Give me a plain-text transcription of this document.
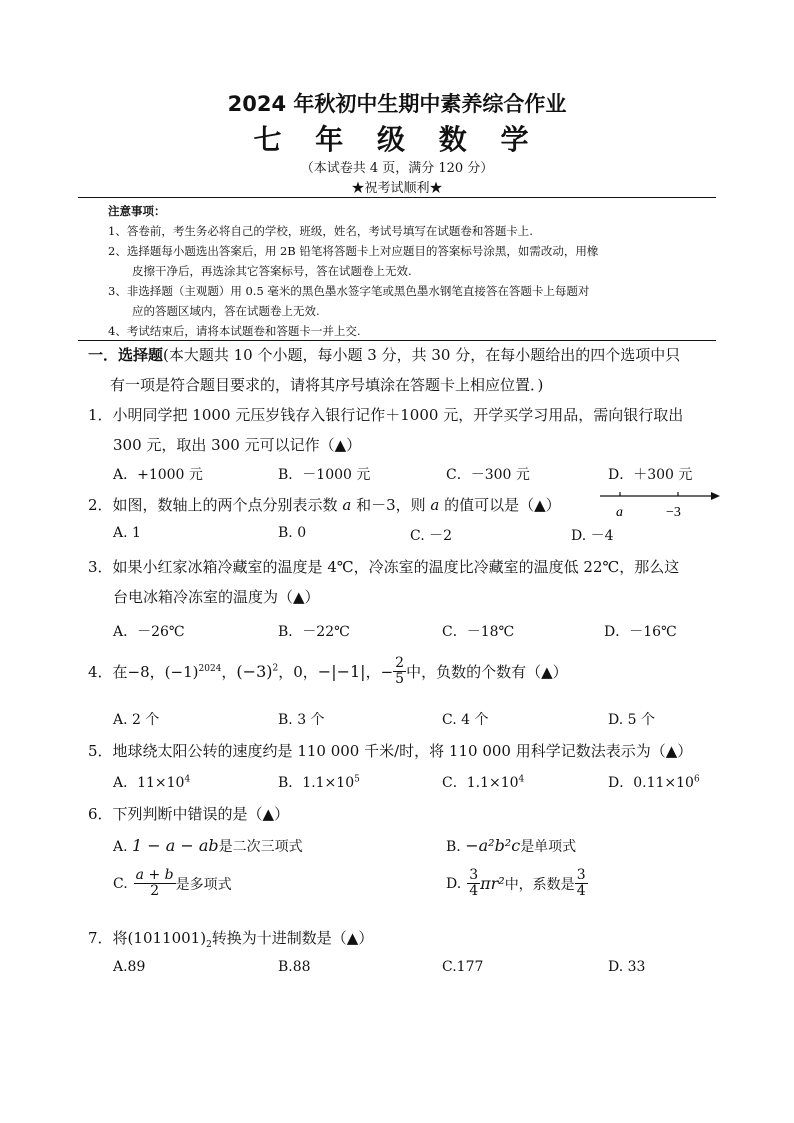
2024 年秋初中生期中素养综合作业
七 年 级 数 学
（本试卷共 4 页，满分 120 分）
★祝考试顺利★
注意事项：
1、答卷前，考生务必将自己的学校，班级，姓名，考试号填写在试题卷和答题卡上.
2、选择题每小题选出答案后，用 2B 铅笔将答题卡上对应题目的答案标号涂黑，如需改动，用橡
皮擦干净后，再选涂其它答案标号，答在试题卷上无效.
3、非选择题（主观题）用 0.5 毫米的黑色墨水签字笔或黑色墨水钢笔直接答在答题卡上每题对
应的答题区域内，答在试题卷上无效.
4、考试结束后，请将本试题卷和答题卡一并上交.
一．选择题(本大题共 10 个小题，每小题 3 分，共 30 分，在每小题给出的四个选项中只
有一项是符合题目要求的，请将其序号填涂在答题卡上相应位置．)
1．小明同学把 1000 元压岁钱存入银行记作＋1000 元，开学买学习用品，需向银行取出
300 元，取出 300 元可以记作（▲）
A．+1000 元	B．－1000 元	C．－300 元	D．＋300 元
2．如图，数轴上的两个点分别表示数 a 和－3，则 a 的值可以是（▲）	a	−3
A. 1	B. 0	C. －2	D. －4
3．如果小红家冰箱冷藏室的温度是 4℃，冷冻室的温度比冷藏室的温度低 22℃，那么这
台电冰箱冷冻室的温度为（▲）
A．－26℃	B．－22℃	C．－18℃	D．－16℃
4．在 −8， $(-1)^{2024}$ ， $(-3)^2$ ，0， −|−1| ， − $\frac{2}{5}$ 中，负数的个数有（▲）
A. 2 个	B. 3 个	C. 4 个	D. 5 个
5．地球绕太阳公转的速度约是 110 000 千米/时，将 110 000 用科学记数法表示为（▲）
A．$11\times 10^4$	B．$1.1\times 10^5$	C．$1.1\times 10^4$	D．$0.11\times 10^6$
6．下列判断中错误的是（▲）
A. 1 − a − ab是二次三项式	B. −a²b²c是单项式
C. $\frac{a + b}{2}$ 是多项式	D. $\frac{3}{4} \pi r^2$ 中，系数是 $\frac{3}{4}$
7．将$(1011001)_2$转换为十进制数是（▲）
A.89	B.88	C.177	D. 33
